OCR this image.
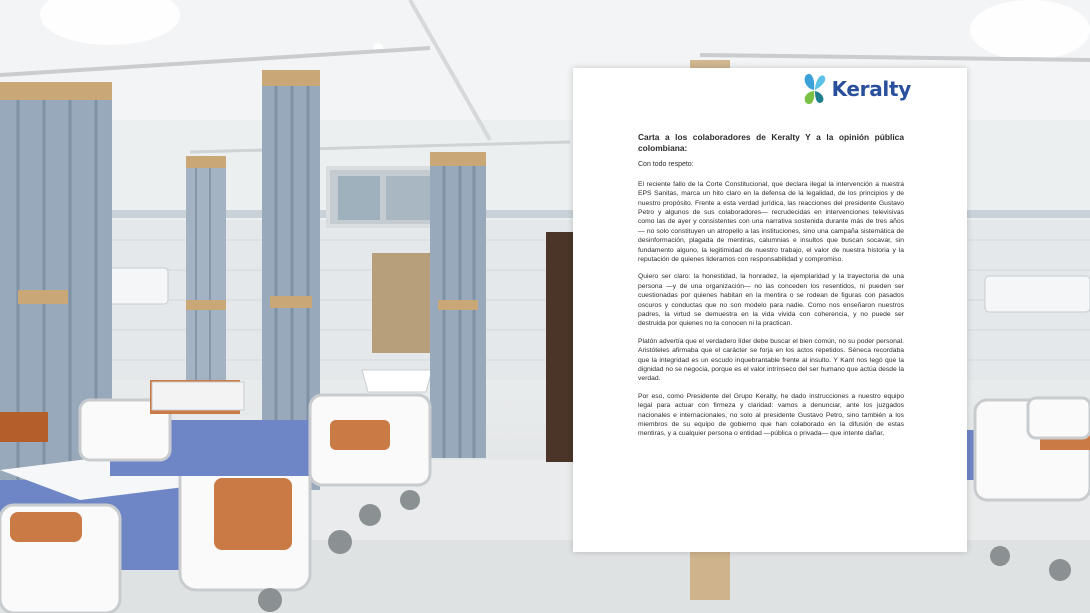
Keralty

Carta a los colaboradores de Keralty Y a la opinión pública colombiana:

Con todo respeto:

El reciente fallo de la Corte Constitucional, que declara ilegal la intervención a nuestra EPS Sanitas, marca un hito claro en la defensa de la legalidad, de los principios y de nuestro propósito. Frente a esta verdad jurídica, las reacciones del presidente Gustavo Petro y algunos de sus colaboradores— recrudecidas en intervenciones televisivas como las de ayer y consistentes con una narrativa sostenida durante más de tres años— no solo constituyen un atropello a las instituciones, sino una campaña sistemática de desinformación, plagada de mentiras, calumnias e insultos que buscan socavar, sin fundamento alguno, la legitimidad de nuestro trabajo, el valor de nuestra historia y la reputación de quienes lideramos con responsabilidad y compromiso.

Quiero ser claro: la honestidad, la honradez, la ejemplaridad y la trayectoria de una persona —y de una organización— no las conceden los resentidos, ni pueden ser cuestionadas por quienes habitan en la mentira o se rodean de figuras con pasados oscuros y conductas que no son modelo para nadie. Como nos enseñaron nuestros padres, la virtud se demuestra en la vida vivida con coherencia, y no puede ser destruida por quienes no la conocen ni la practican.

Platón advertía que el verdadero líder debe buscar el bien común, no su poder personal. Aristóteles afirmaba que el carácter se forja en los actos repetidos. Séneca recordaba que la integridad es un escudo inquebrantable frente al insulto. Y Kant nos legó que la dignidad no se negocia, porque es el valor intrínseco del ser humano que actúa desde la verdad.

Por eso, como Presidente del Grupo Keralty, he dado instrucciones a nuestro equipo legal para actuar con firmeza y claridad: vamos a denunciar, ante los juzgados nacionales e internacionales, no solo al presidente Gustavo Petro, sino también a los miembros de su equipo de gobierno que han colaborado en la difusión de estas mentiras, y a cualquier persona o entidad —pública o privada— que intente dañar,
